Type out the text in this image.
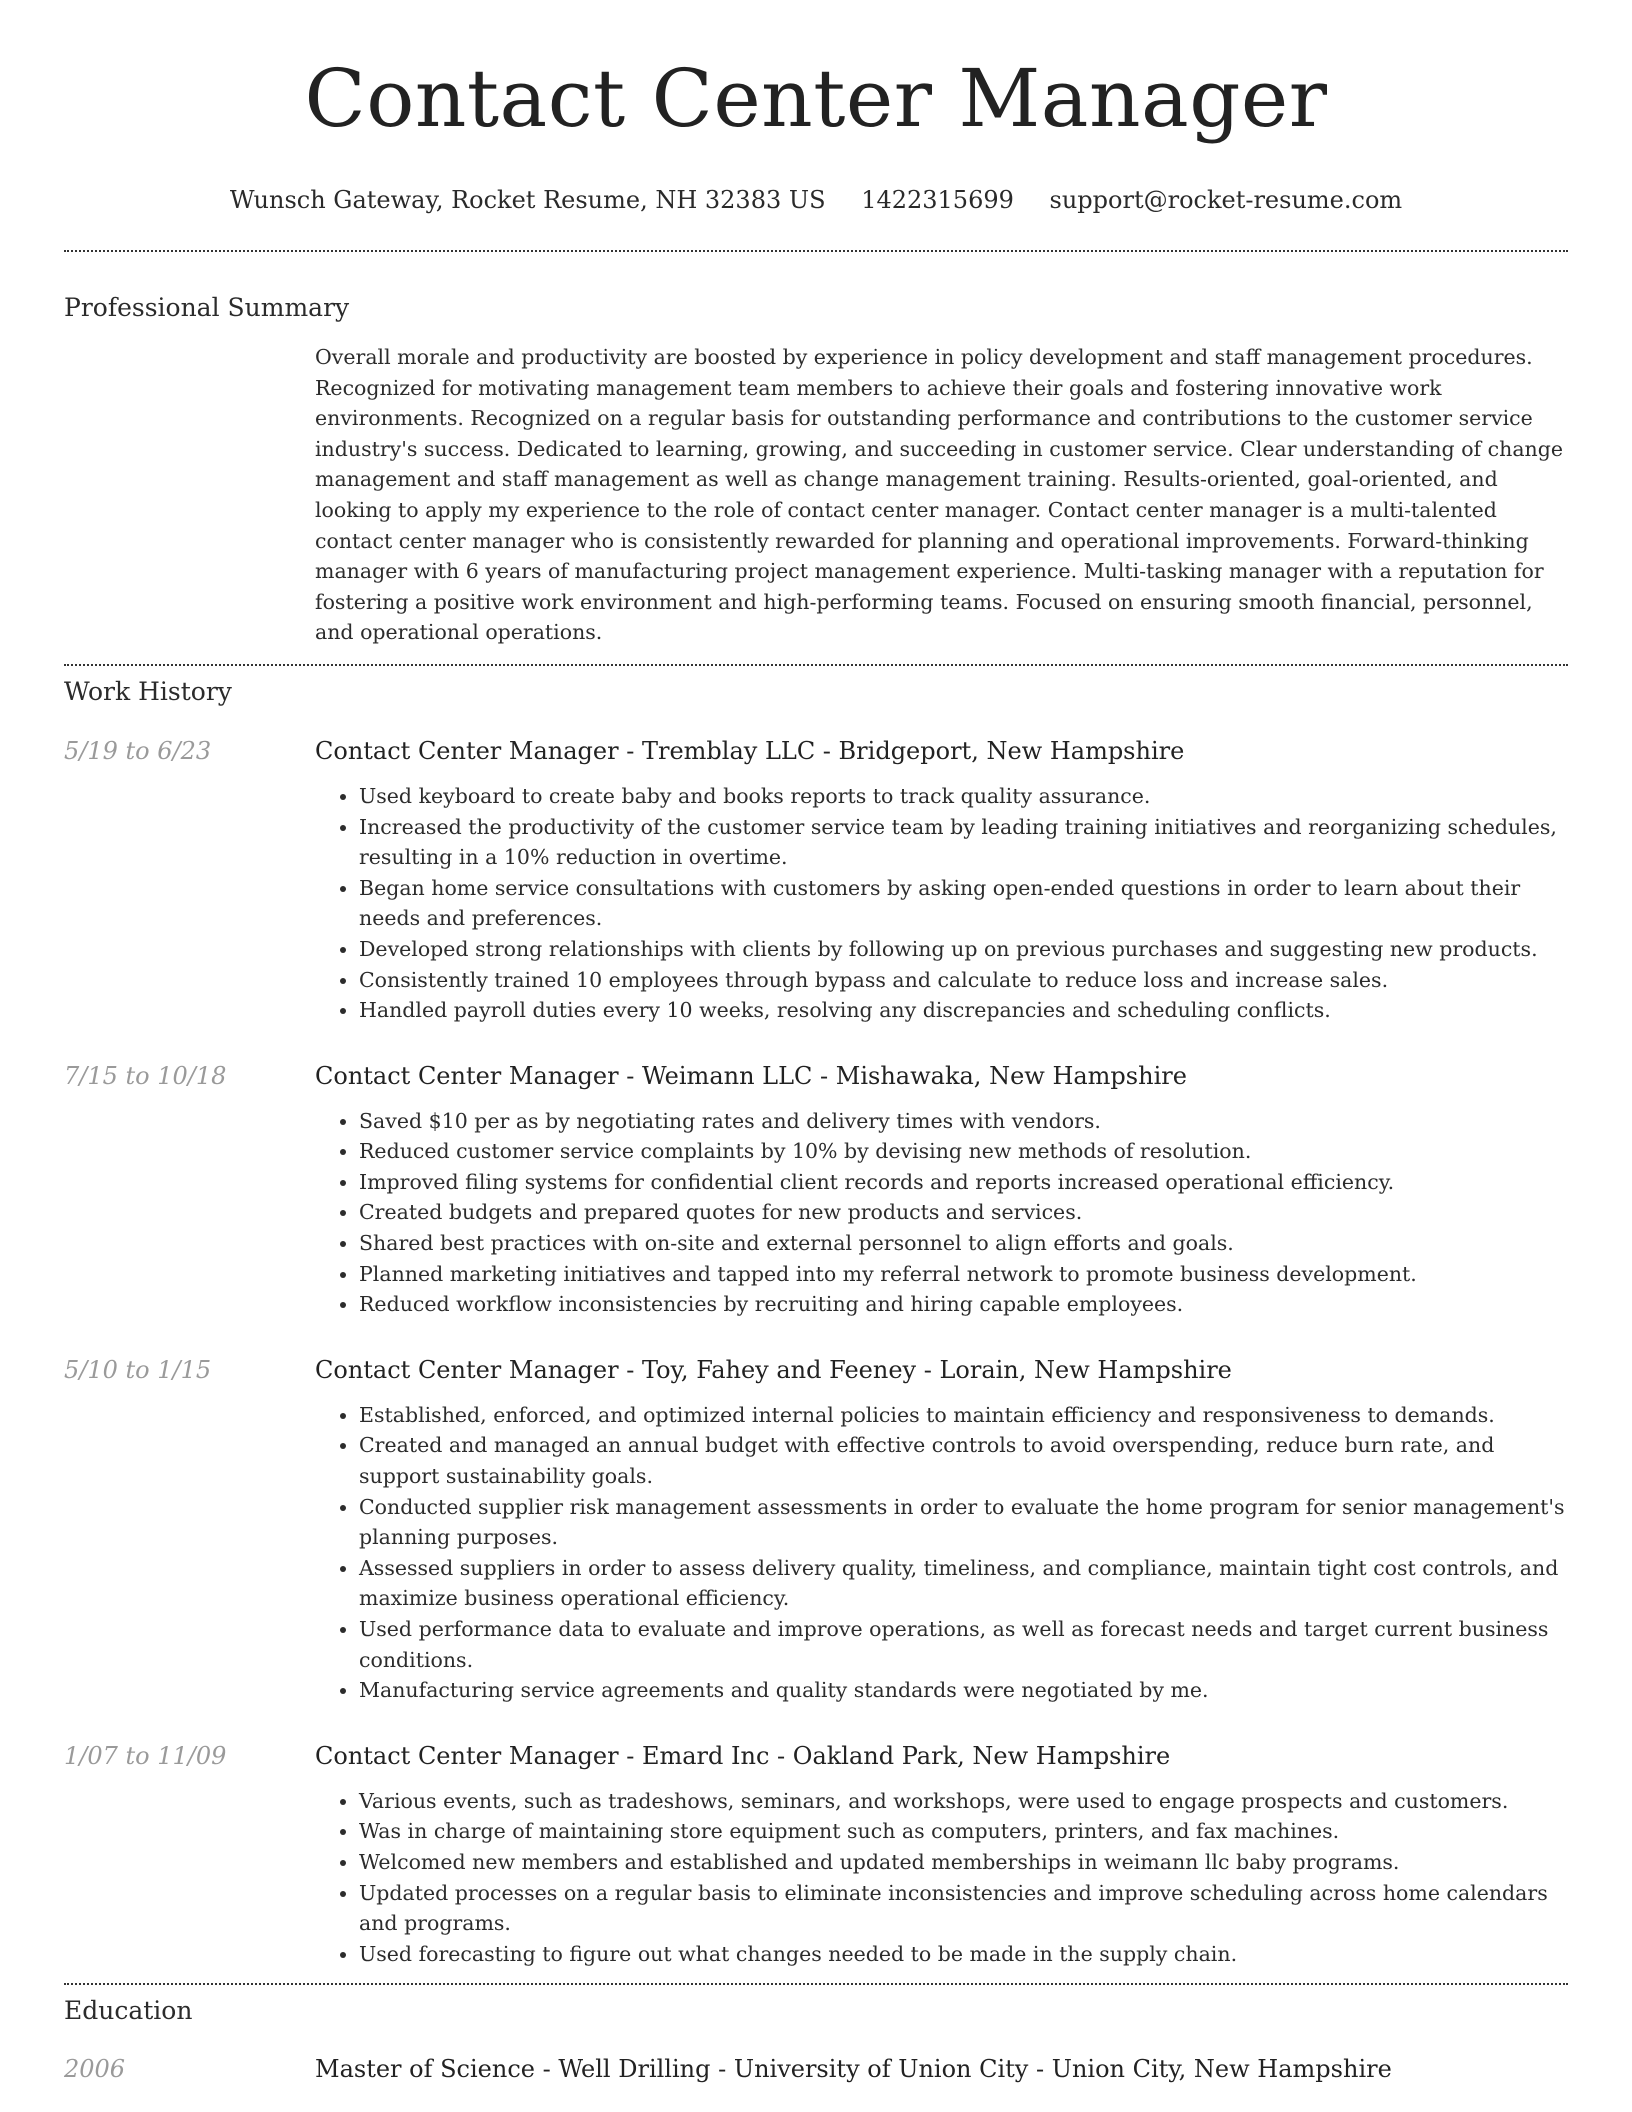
Contact Center Manager
Wunsch Gateway, Rocket Resume, NH 32383 US 1422315699 support@rocket-resume.com
Professional Summary

Overall morale and productivity are boosted by experience in policy development and staff management procedures. Recognized for motivating management team members to achieve their goals and fostering innovative work environments. Recognized on a regular basis for outstanding performance and contributions to the customer service industry's success. Dedicated to learning, growing, and succeeding in customer service. Clear understanding of change management and staff management as well as change management training. Results-oriented, goal-oriented, and looking to apply my experience to the role of contact center manager. Contact center manager is a multi-talented contact center manager who is consistently rewarded for planning and operational improvements. Forward-thinking manager with 6 years of manufacturing project management experience. Multi-tasking manager with a reputation for fostering a positive work environment and high-performing teams. Focused on ensuring smooth financial, personnel, and operational operations.

Work History
5/19 to 6/23	Contact Center Manager - Tremblay LLC - Bridgeport, New Hampshire
• Used keyboard to create baby and books reports to track quality assurance.
• Increased the productivity of the customer service team by leading training initiatives and reorganizing schedules, resulting in a 10% reduction in overtime.
• Began home service consultations with customers by asking open-ended questions in order to learn about their needs and preferences.
• Developed strong relationships with clients by following up on previous purchases and suggesting new products.
• Consistently trained 10 employees through bypass and calculate to reduce loss and increase sales.
• Handled payroll duties every 10 weeks, resolving any discrepancies and scheduling conflicts.
7/15 to 10/18	Contact Center Manager - Weimann LLC - Mishawaka, New Hampshire
• Saved $10 per as by negotiating rates and delivery times with vendors.
• Reduced customer service complaints by 10% by devising new methods of resolution.
• Improved filing systems for confidential client records and reports increased operational efficiency.
• Created budgets and prepared quotes for new products and services.
• Shared best practices with on-site and external personnel to align efforts and goals.
• Planned marketing initiatives and tapped into my referral network to promote business development.
• Reduced workflow inconsistencies by recruiting and hiring capable employees.
5/10 to 1/15	Contact Center Manager - Toy, Fahey and Feeney - Lorain, New Hampshire
• Established, enforced, and optimized internal policies to maintain efficiency and responsiveness to demands.
• Created and managed an annual budget with effective controls to avoid overspending, reduce burn rate, and support sustainability goals.
• Conducted supplier risk management assessments in order to evaluate the home program for senior management's planning purposes.
• Assessed suppliers in order to assess delivery quality, timeliness, and compliance, maintain tight cost controls, and maximize business operational efficiency.
• Used performance data to evaluate and improve operations, as well as forecast needs and target current business conditions.
• Manufacturing service agreements and quality standards were negotiated by me.
1/07 to 11/09	Contact Center Manager - Emard Inc - Oakland Park, New Hampshire
• Various events, such as tradeshows, seminars, and workshops, were used to engage prospects and customers.
• Was in charge of maintaining store equipment such as computers, printers, and fax machines.
• Welcomed new members and established and updated memberships in weimann llc baby programs.
• Updated processes on a regular basis to eliminate inconsistencies and improve scheduling across home calendars and programs.
• Used forecasting to figure out what changes needed to be made in the supply chain.
Education
2006	Master of Science - Well Drilling - University of Union City - Union City, New Hampshire
